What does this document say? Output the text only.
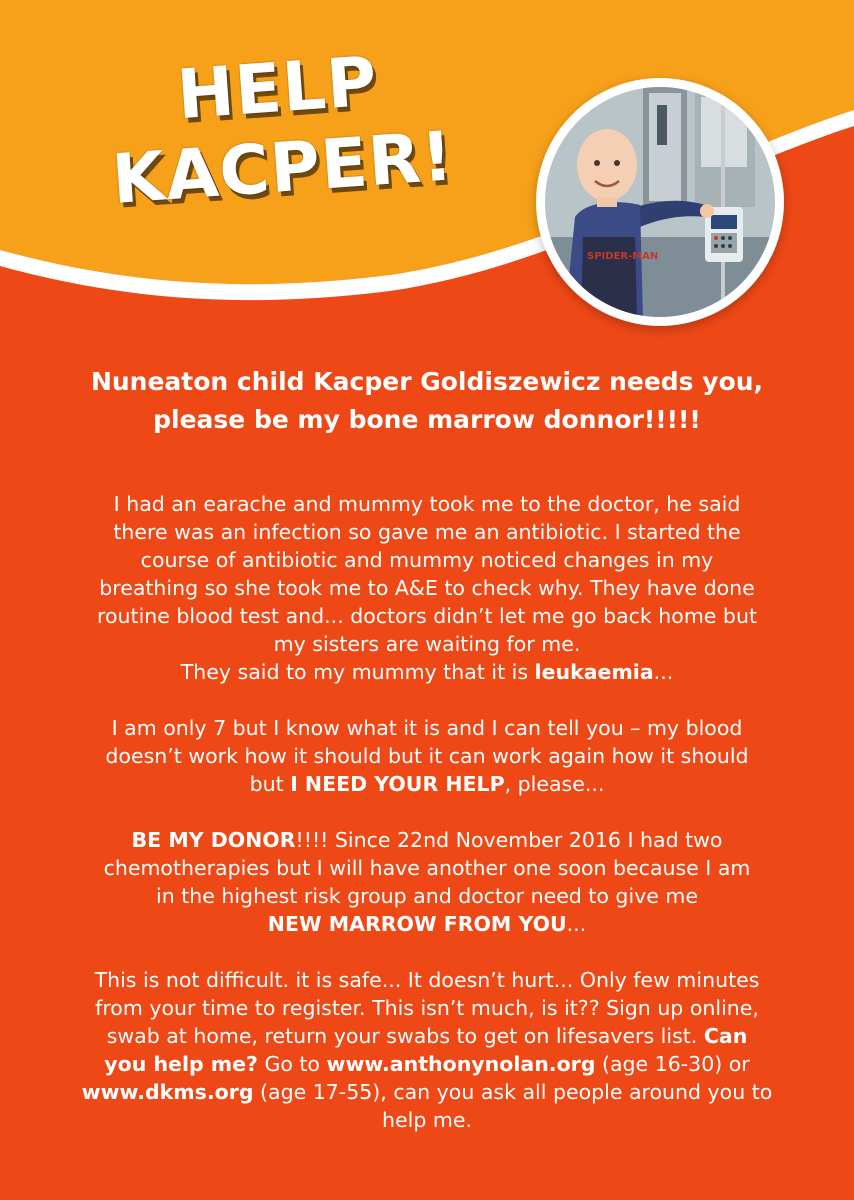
HELP
KACPER!
SPIDER-MAN
Nuneaton child Kacper Goldiszewicz needs you,
please be my bone marrow donnor!!!!!

I had an earache and mummy took me to the doctor, he said
there was an infection so gave me an antibiotic. I started the
course of antibiotic and mummy noticed changes in my
breathing so she took me to A&E to check why. They have done
routine blood test and... doctors didn’t let me go back home but
my sisters are waiting for me.
They said to my mummy that it is leukaemia...

I am only 7 but I know what it is and I can tell you – my blood
doesn’t work how it should but it can work again how it should
but I NEED YOUR HELP, please...

BE MY DONOR!!!! Since 22nd November 2016 I had two
chemotherapies but I will have another one soon because I am
in the highest risk group and doctor need to give me
NEW MARROW FROM YOU...

This is not difficult. it is safe... It doesn’t hurt... Only few minutes
from your time to register. This isn’t much, is it?? Sign up online,
swab at home, return your swabs to get on lifesavers list. Can
you help me? Go to www.anthonynolan.org (age 16-30) or
www.dkms.org (age 17-55), can you ask all people around you to
help me.
